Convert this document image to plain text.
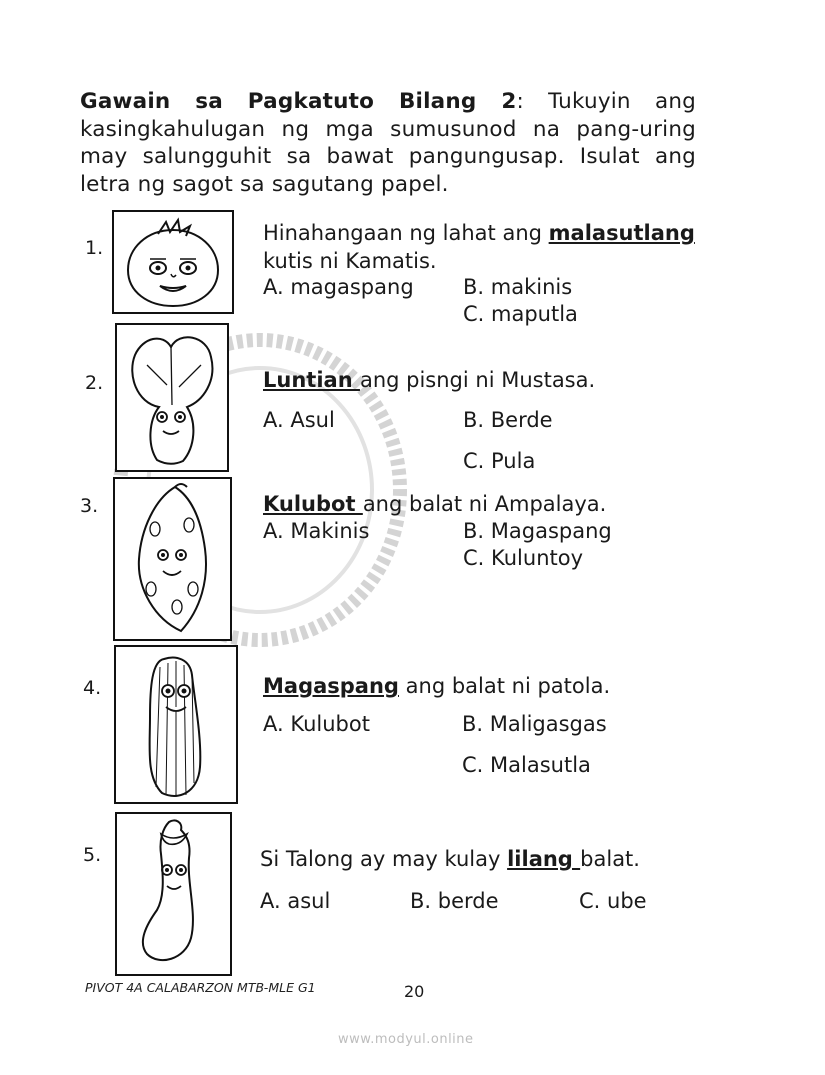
Gawain sa Pagkatuto Bilang 2: Tukuyin ang kasingkahulugan ng mga sumusunod na pang-uring may salungguhit sa bawat pangungusap. Isulat ang letra ng sagot sa sagutang papel.
1.
Hinahangaan ng lahat ang malasutlang kutis ni Kamatis.
A. magaspang B. makinis
C. maputla
2.	Luntian ang pisngi ni Mustasa.
A. Asul	B. Berde
C. Pula
3.	Kulubot ang balat ni Ampalaya.
A. Makinis	B. Magaspang
C. Kuluntoy
4.	Magaspang ang balat ni patola.
A. Kulubot	B. Maligasgas
C. Malasutla
5.	Si Talong ay may kulay lilang balat.
A. asul	B. berde	C. ube
PIVOT 4A CALABARZON MTB-MLE G1	20
www.modyul.online
